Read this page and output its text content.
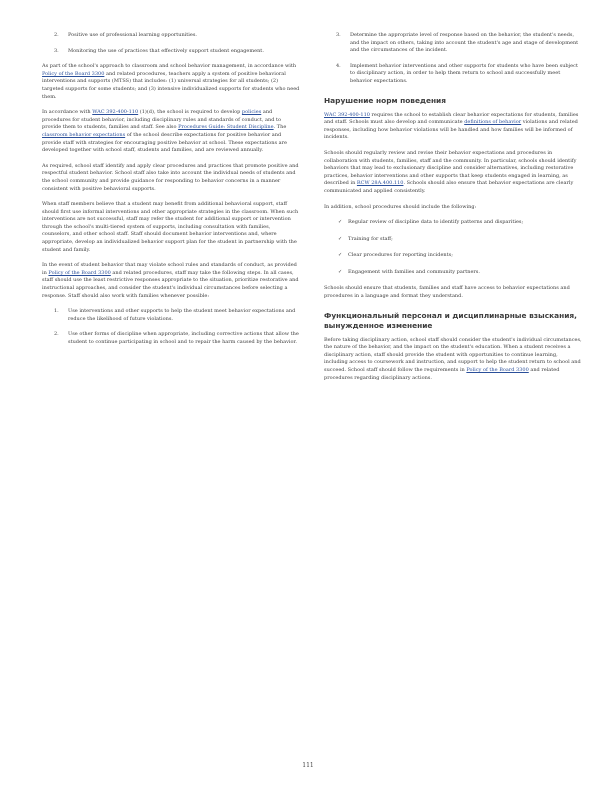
2. Positive use of professional learning opportunities.
3. Monitoring the use of practices that effectively support student engagement.

As part of the school's approach to classroom and school behavior management, in accordance with Policy of the Board 3300 and related procedures, teachers apply a system of positive behavioral interventions and supports (MTSS) that includes: (1) universal strategies for all students; (2) targeted supports for some students; and (3) intensive individualized supports for students who need them.

In accordance with WAC 392-400-110 (1)(d), the school is required to develop policies and procedures for student behavior, including disciplinary rules and standards of conduct, and to provide them to students, families and staff. See also Procedures Guide: Student Discipline. The classroom behavior expectations of the school describe expectations for positive behavior and provide staff with strategies for encouraging positive behavior at school. These expectations are developed together with school staff, students and families, and are reviewed annually.

As required, school staff identify and apply clear procedures and practices that promote positive and respectful student behavior. School staff also take into account the individual needs of students and the school community and provide guidance for responding to behavior concerns in a manner consistent with positive behavioral supports.

When staff members believe that a student may benefit from additional behavioral support, staff should first use informal interventions and other appropriate strategies in the classroom. When such interventions are not successful, staff may refer the student for additional support or intervention through the school's multi-tiered system of supports, including consultation with families, counselors, and other school staff. Staff should document behavior interventions and, where appropriate, develop an individualized behavior support plan for the student in partnership with the student and family.

In the event of student behavior that may violate school rules and standards of conduct, as provided in Policy of the Board 3300 and related procedures, staff may take the following steps. In all cases, staff should use the least restrictive responses appropriate to the situation, prioritize restorative and instructional approaches, and consider the student's individual circumstances before selecting a response. Staff should also work with families whenever possible:

1. Use interventions and other supports to help the student meet behavior expectations and reduce the likelihood of future violations.
2. Use other forms of discipline when appropriate, including corrective actions that allow the student to continue participating in school and to repair the harm caused by the behavior.
3. Determine the appropriate level of response based on the behavior, the student's needs, and the impact on others, taking into account the student's age and stage of development and the circumstances of the incident.
4. Implement behavior interventions and other supports for students who have been subject to disciplinary action, in order to help them return to school and successfully meet behavior expectations.
Нарушение норм поведения

WAC 392-400-110 requires the school to establish clear behavior expectations for students, families and staff. Schools must also develop and communicate definitions of behavior violations and related responses, including how behavior violations will be handled and how families will be informed of incidents.

Schools should regularly review and revise their behavior expectations and procedures in collaboration with students, families, staff and the community. In particular, schools should identify behaviors that may lead to exclusionary discipline and consider alternatives, including restorative practices, behavior interventions and other supports that keep students engaged in learning, as described in RCW 28A.400.110. Schools should also ensure that behavior expectations are clearly communicated and applied consistently.

In addition, school procedures should include the following:

✓ Regular review of discipline data to identify patterns and disparities;
✓ Training for staff;
✓ Clear procedures for reporting incidents;
✓ Engagement with families and community partners.

Schools should ensure that students, families and staff have access to behavior expectations and procedures in a language and format they understand.

Функциональный персонал и дисциплинарные взыскания, вынужденное изменение

Before taking disciplinary action, school staff should consider the student's individual circumstances, the nature of the behavior, and the impact on the student's education. When a student receives a disciplinary action, staff should provide the student with opportunities to continue learning, including access to coursework and instruction, and support to help the student return to school and succeed. School staff should follow the requirements in Policy of the Board 3300 and related procedures regarding disciplinary actions.

111
